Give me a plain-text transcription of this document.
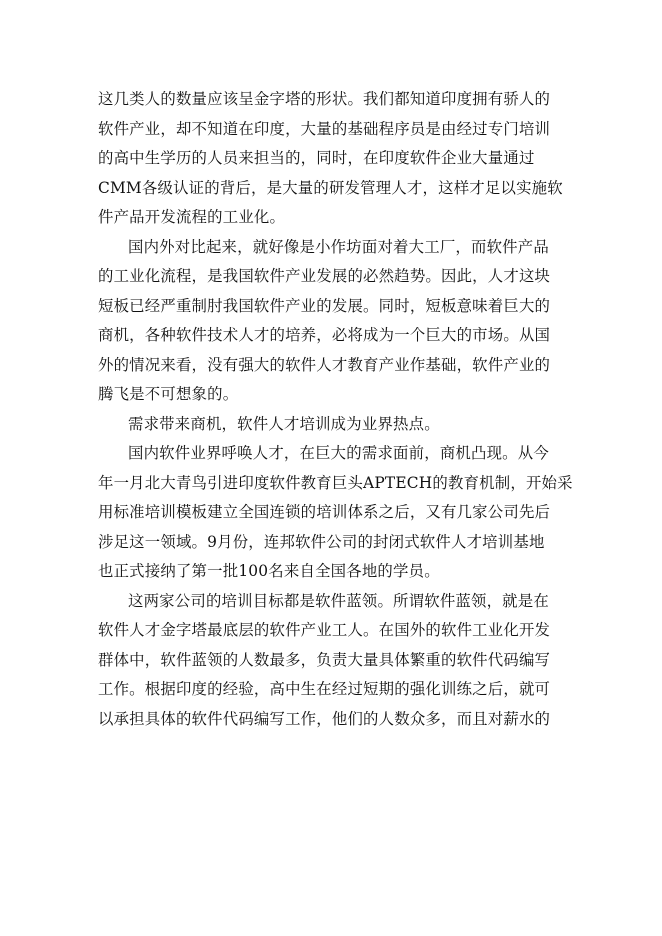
这几类人的数量应该呈金字塔的形状。我们都知道印度拥有骄人的
软件产业，却不知道在印度，大量的基础程序员是由经过专门培训
的高中生学历的人员来担当的，同时，在印度软件企业大量通过
CMM各级认证的背后，是大量的研发管理人才，这样才足以实施软
件产品开发流程的工业化。
国内外对比起来，就好像是小作坊面对着大工厂，而软件产品
的工业化流程，是我国软件产业发展的必然趋势。因此，人才这块
短板已经严重制肘我国软件产业的发展。同时，短板意味着巨大的
商机，各种软件技术人才的培养，必将成为一个巨大的市场。从国
外的情况来看，没有强大的软件人才教育产业作基础，软件产业的
腾飞是不可想象的。
需求带来商机，软件人才培训成为业界热点。
国内软件业界呼唤人才，在巨大的需求面前，商机凸现。从今
年一月北大青鸟引进印度软件教育巨头APTECH的教育机制，开始采
用标准培训模板建立全国连锁的培训体系之后，又有几家公司先后
涉足这一领域。9月份，连邦软件公司的封闭式软件人才培训基地
也正式接纳了第一批100名来自全国各地的学员。
这两家公司的培训目标都是软件蓝领。所谓软件蓝领，就是在
软件人才金字塔最底层的软件产业工人。在国外的软件工业化开发
群体中，软件蓝领的人数最多，负责大量具体繁重的软件代码编写
工作。根据印度的经验，高中生在经过短期的强化训练之后，就可
以承担具体的软件代码编写工作，他们的人数众多，而且对薪水的
